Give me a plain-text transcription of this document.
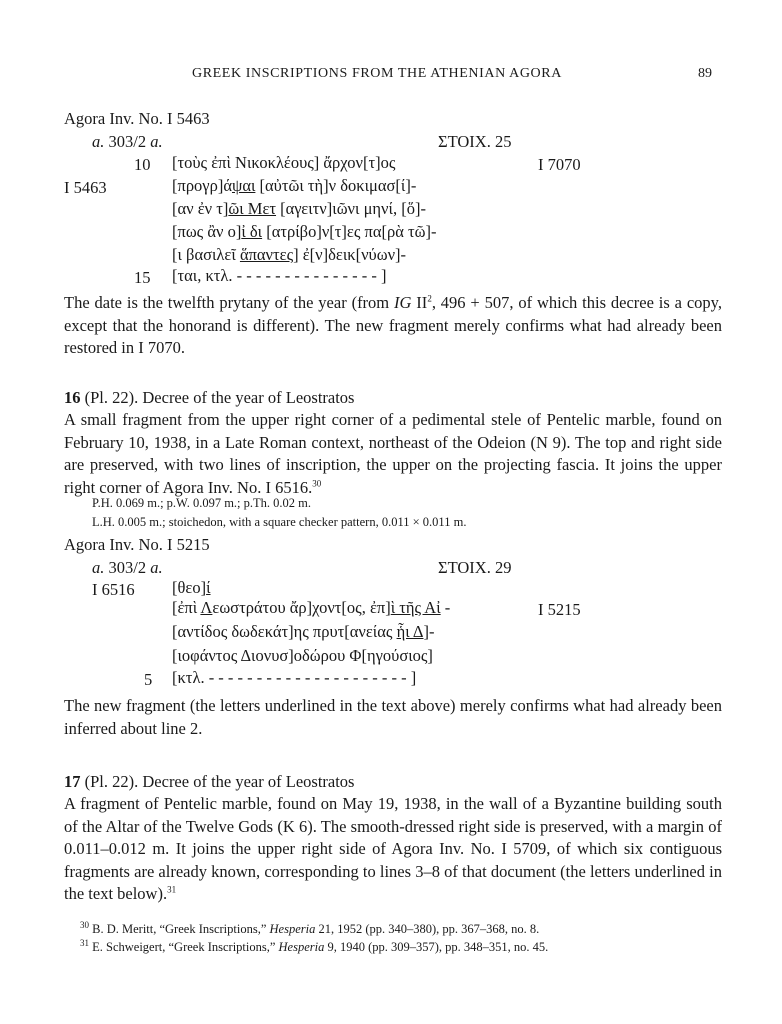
GREEK INSCRIPTIONS FROM THE ATHENIAN AGORA	89
Agora Inv. No. I 5463
a. 303/2 a.	ΣΤΟΙΧ. 25
10 [τοὺς ἐπὶ Νικοκλέους] ἄρχον[τ]ος	I 7070
I 5463	[προγρ]άψαι [αὐτῶι τὴ]ν δοκιμασ[ί]-
[αν ἐν τ]ῶι Μετ [αγειτν]ιῶνι μηνί, [ὅ]-
[πως ἂν ο]ἰ δι [ατρίβο]ν[τ]ες πα[ρὰ τῶ]-
[ι βασιλεῖ ἅπαντες] ἐ[ν]δεικ[νύων]-
15 [ται, κτλ. - - - - - - - - - - - - - - - ]

The date is the twelfth prytany of the year (from IG $II^2$, 496 + 507, of which this decree is a copy, except that the honorand is different). The new fragment merely confirms what had already been restored in I 7070.

16 (Pl. 22). Decree of the year of Leostratos

A small fragment from the upper right corner of a pedimental stele of Pentelic marble, found on February 10, 1938, in a Late Roman context, northeast of the Odeion (N 9). The top and right side are preserved, with two lines of inscription, the upper on the projecting fascia. It joins the upper right corner of Agora Inv. No. I 6516.30

P.H. 0.069 m.; p.W. 0.097 m.; p.Th. 0.02 m.
L.H. 0.005 m.; stoichedon, with a square checker pattern, 0.011 × 0.011 m.
Agora Inv. No. I 5215
a. 303/2 a.	ΣΤΟΙΧ. 29
I 6516 [θεο]ί
[ἐπὶ Λεωστράτου ἄρ]χοντ[ος, ἐπ]ὶ τῆς Αἰ -	I 5215
[αντίδος δωδεκάτ]ης πρυτ[ανείας ἧι Δ]-
[ιοφάντος Διονυσ]οδώρου Φ[ηγούσιος]
5 [κτλ. - - - - - - - - - - - - - - - - - - - - - ]

The new fragment (the letters underlined in the text above) merely confirms what had already been inferred about line 2.

17 (Pl. 22). Decree of the year of Leostratos

A fragment of Pentelic marble, found on May 19, 1938, in the wall of a Byzantine building south of the Altar of the Twelve Gods (K 6). The smooth-dressed right side is preserved, with a margin of 0.011–0.012 m. It joins the upper right side of Agora Inv. No. I 5709, of which six contiguous fragments are already known, corresponding to lines 3–8 of that document (the letters underlined in the text below).$^{31}$

$^{30}$ B. D. Meritt, “Greek Inscriptions,” Hesperia 21, 1952 (pp. 340–380), pp. 367–368, no. 8.
$^{31}$ E. Schweigert, “Greek Inscriptions,” Hesperia 9, 1940 (pp. 309–357), pp. 348–351, no. 45.
